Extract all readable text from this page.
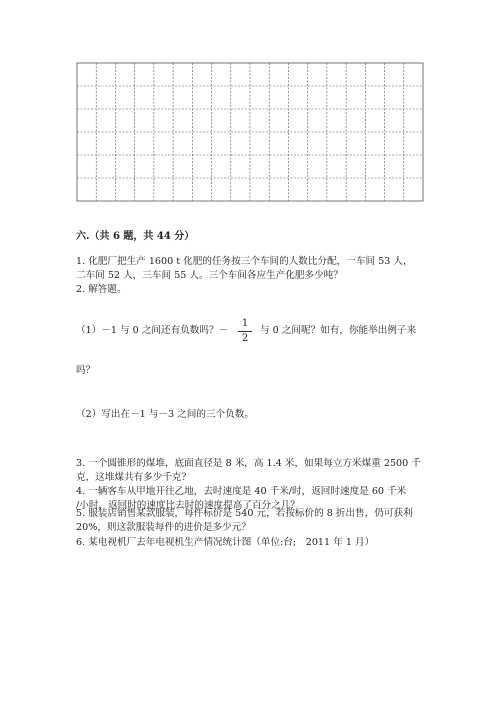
六.（共 6 题，共 44 分）
1. 化肥厂把生产 1600 t 化肥的任务按三个车间的人数比分配，一车间 53 人，
二车间 52 人，三车间 55 人。三个车间各应生产化肥多少吨？
2. 解答题。
（1）－1 与 0 之间还有负数吗？－
1
2
与 0 之间呢？如有，你能举出例子来
吗？
（2）写出在－1 与－3 之间的三个负数。
3. 一个圆锥形的煤堆，底面直径是 8 米，高 1.4 米，如果每立方米煤重 2500 千
克，这堆煤共有多少千克？
4. 一辆客车从甲地开往乙地，去时速度是 40 千米/时，返回时速度是 60 千米
/小时，返回时的速度比去时的速度提高了百分之几？
5. 服装店销售某款服装，每件标价是 540 元，若按标价的 8 折出售，仍可获利
20%，则这款服装每件的进价是多少元？
6. 某电视机厂去年电视机生产情况统计图（单位:台;　2011 年 1 月）
